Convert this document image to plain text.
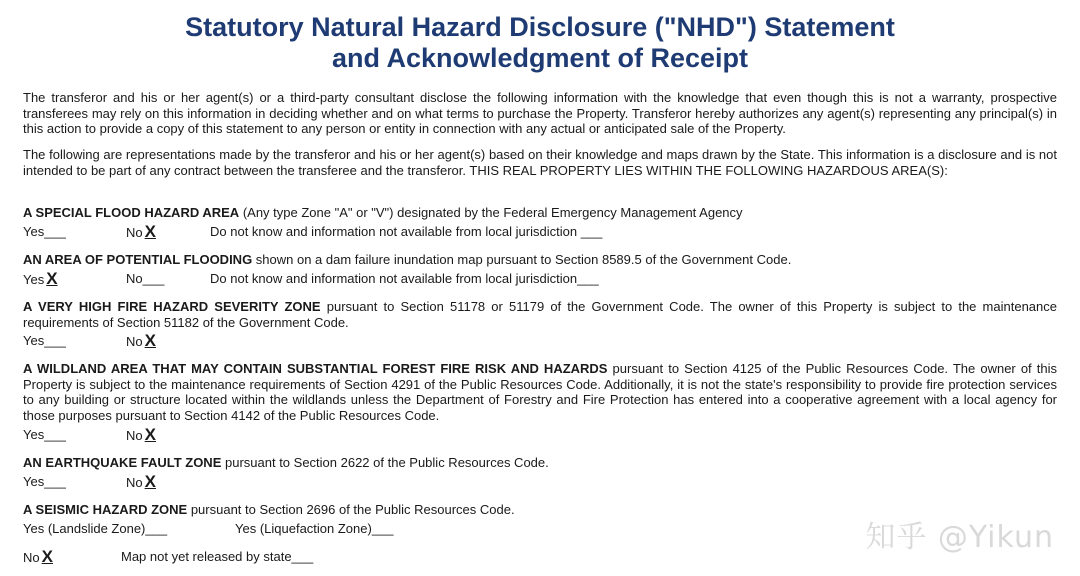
Statutory Natural Hazard Disclosure ("NHD") Statement
and Acknowledgment of Receipt
The transferor and his or her agent(s) or a third-party consultant disclose the following information with the knowledge that even though this is not a warranty, prospective transferees may rely on this information in deciding whether and on what terms to purchase the Property. Transferor hereby authorizes any agent(s) representing any principal(s) in this action to provide a copy of this statement to any person or entity in connection with any actual or anticipated sale of the Property.
The following are representations made by the transferor and his or her agent(s) based on their knowledge and maps drawn by the State. This information is a disclosure and is not intended to be part of any contract between the transferee and the transferor. THIS REAL PROPERTY LIES WITHIN THE FOLLOWING HAZARDOUS AREA(S):
A SPECIAL FLOOD HAZARD AREA (Any type Zone "A" or "V") designated by the Federal Emergency Management Agency
Yes___	No X	Do not know and information not available from local jurisdiction ___
AN AREA OF POTENTIAL FLOODING shown on a dam failure inundation map pursuant to Section 8589.5 of the Government Code.
Yes X	No___	Do not know and information not available from local jurisdiction___
A VERY HIGH FIRE HAZARD SEVERITY ZONE pursuant to Section 51178 or 51179 of the Government Code. The owner of this Property is subject to the maintenance requirements of Section 51182 of the Government Code.
Yes___	No X
A WILDLAND AREA THAT MAY CONTAIN SUBSTANTIAL FOREST FIRE RISK AND HAZARDS pursuant to Section 4125 of the Public Resources Code. The owner of this Property is subject to the maintenance requirements of Section 4291 of the Public Resources Code. Additionally, it is not the state's responsibility to provide fire protection services to any building or structure located within the wildlands unless the Department of Forestry and Fire Protection has entered into a cooperative agreement with a local agency for those purposes pursuant to Section 4142 of the Public Resources Code.
Yes___	No X
AN EARTHQUAKE FAULT ZONE pursuant to Section 2622 of the Public Resources Code.
Yes___	No X
A SEISMIC HAZARD ZONE pursuant to Section 2696 of the Public Resources Code.
Yes (Landslide Zone)___	Yes (Liquefaction Zone)___
No X	Map not yet released by state___
知乎 @Yikun
